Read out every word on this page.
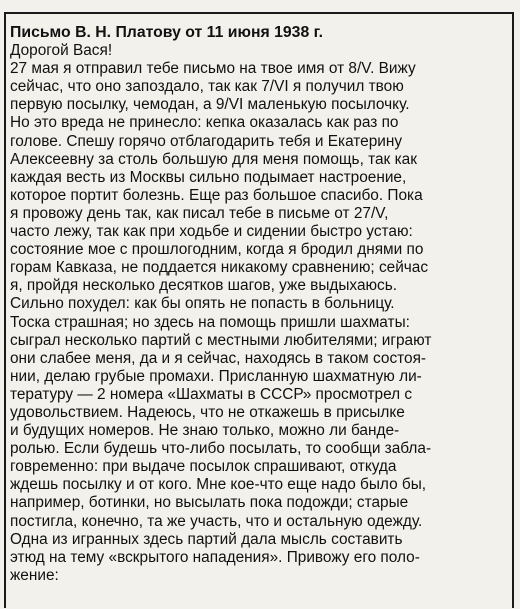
Письмо В. Н. Платову от 11 июня 1938 г.
Дорогой Вася!
27 мая я отправил тебе письмо на твое имя от 8/V. Вижу
сейчас, что оно запоздало, так как 7/VI я получил твою
первую посылку, чемодан, а 9/VI маленькую посылочку.
Но это вреда не принесло: кепка оказалась как раз по
голове. Спешу горячо отблагодарить тебя и Екатерину
Алексеевну за столь большую для меня помощь, так как
каждая весть из Москвы сильно подымает настроение,
которое портит болезнь. Еще раз большое спасибо. Пока
я провожу день так, как писал тебе в письме от 27/V,
часто лежу, так как при ходьбе и сидении быстро устаю:
состояние мое с прошлогодним, когда я бродил днями по
горам Кавказа, не поддается никакому сравнению; сейчас
я, пройдя несколько десятков шагов, уже выдыхаюсь.
Сильно похудел: как бы опять не попасть в больницу.
Тоска страшная; но здесь на помощь пришли шахматы:
сыграл несколько партий с местными любителями; играют
они слабее меня, да и я сейчас, находясь в таком состоя-
нии, делаю грубые промахи. Присланную шахматную ли-
тературу — 2 номера «Шахматы в СССР» просмотрел с
удовольствием. Надеюсь, что не откажешь в присылке
и будущих номеров. Не знаю только, можно ли бандe-
ролью. Если будешь что-либо посылать, то сообщи забла-
говременно: при выдаче посылок спрашивают, откуда
ждешь посылку и от кого. Мне кое-что еще надо было бы,
например, ботинки, но высылать пока подожди; старые
постигла, конечно, та же участь, что и остальную одежду.
Одна из игранных здесь партий дала мысль составить
этюд на тему «вскрытого нападения». Привожу его поло-
жение:
